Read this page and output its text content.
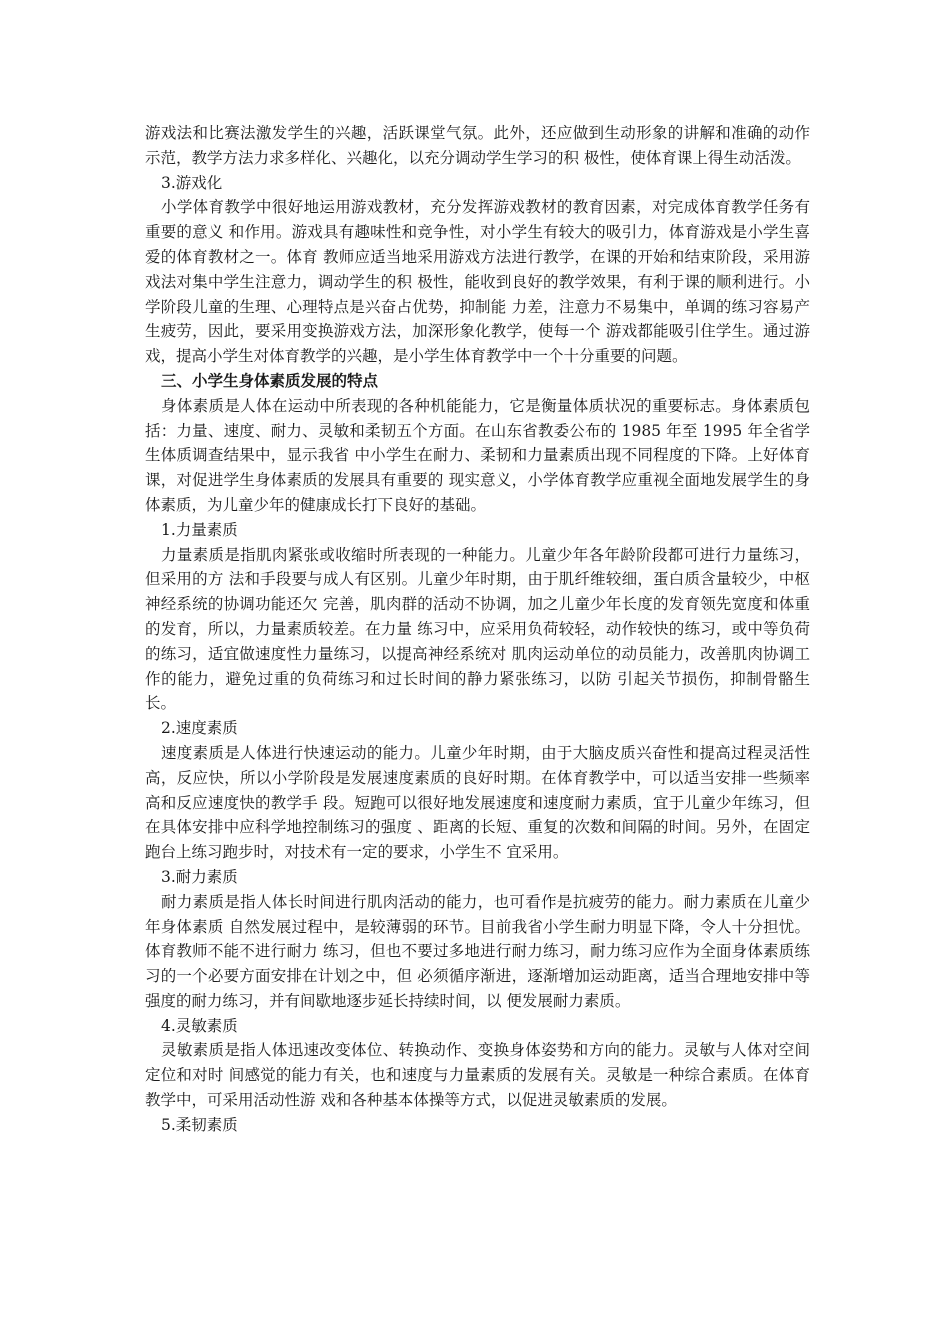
游戏法和比赛法激发学生的兴趣，活跃课堂气氛。此外，还应做到生动形象的讲解和准确的动作示范，教学方法力求多样化、兴趣化，以充分调动学生学习的积 极性，使体育课上得生动活泼。

3.游戏化

小学体育教学中很好地运用游戏教材，充分发挥游戏教材的教育因素，对完成体育教学任务有重要的意义 和作用。游戏具有趣味性和竞争性，对小学生有较大的吸引力，体育游戏是小学生喜爱的体育教材之一。体育 教师应适当地采用游戏方法进行教学，在课的开始和结束阶段，采用游戏法对集中学生注意力，调动学生的积 极性，能收到良好的教学效果，有利于课的顺利进行。小学阶段儿童的生理、心理特点是兴奋占优势，抑制能 力差，注意力不易集中，单调的练习容易产生疲劳，因此，要采用变换游戏方法，加深形象化教学，使每一个 游戏都能吸引住学生。通过游戏，提高小学生对体育教学的兴趣，是小学生体育教学中一个十分重要的问题。

三、小学生身体素质发展的特点

身体素质是人体在运动中所表现的各种机能能力，它是衡量体质状况的重要标志。身体素质包括：力量、速度、耐力、灵敏和柔韧五个方面。在山东省教委公布的 1985 年至 1995 年全省学生体质调查结果中，显示我省 中小学生在耐力、柔韧和力量素质出现不同程度的下降。上好体育课，对促进学生身体素质的发展具有重要的 现实意义，小学体育教学应重视全面地发展学生的身体素质，为儿童少年的健康成长打下良好的基础。

1.力量素质

力量素质是指肌肉紧张或收缩时所表现的一种能力。儿童少年各年龄阶段都可进行力量练习，但采用的方 法和手段要与成人有区别。儿童少年时期，由于肌纤维较细，蛋白质含量较少，中枢神经系统的协调功能还欠 完善，肌肉群的活动不协调，加之儿童少年长度的发育领先宽度和体重的发育，所以，力量素质较差。在力量 练习中，应采用负荷较轻，动作较快的练习，或中等负荷的练习，适宜做速度性力量练习，以提高神经系统对 肌肉运动单位的动员能力，改善肌肉协调工作的能力，避免过重的负荷练习和过长时间的静力紧张练习，以防 引起关节损伤，抑制骨骼生长。

2.速度素质

速度素质是人体进行快速运动的能力。儿童少年时期，由于大脑皮质兴奋性和提高过程灵活性高，反应快，所以小学阶段是发展速度素质的良好时期。在体育教学中，可以适当安排一些频率高和反应速度快的教学手 段。短跑可以很好地发展速度和速度耐力素质，宜于儿童少年练习，但在具体安排中应科学地控制练习的强度 、距离的长短、重复的次数和间隔的时间。另外，在固定跑台上练习跑步时，对技术有一定的要求，小学生不 宜采用。

3.耐力素质

耐力素质是指人体长时间进行肌肉活动的能力，也可看作是抗疲劳的能力。耐力素质在儿童少年身体素质 自然发展过程中，是较薄弱的环节。目前我省小学生耐力明显下降，令人十分担忧。体育教师不能不进行耐力 练习，但也不要过多地进行耐力练习，耐力练习应作为全面身体素质练习的一个必要方面安排在计划之中，但 必须循序渐进，逐渐增加运动距离，适当合理地安排中等强度的耐力练习，并有间歇地逐步延长持续时间，以 便发展耐力素质。

4.灵敏素质

灵敏素质是指人体迅速改变体位、转换动作、变换身体姿势和方向的能力。灵敏与人体对空间定位和对时 间感觉的能力有关，也和速度与力量素质的发展有关。灵敏是一种综合素质。在体育教学中，可采用活动性游 戏和各种基本体操等方式，以促进灵敏素质的发展。

5.柔韧素质
